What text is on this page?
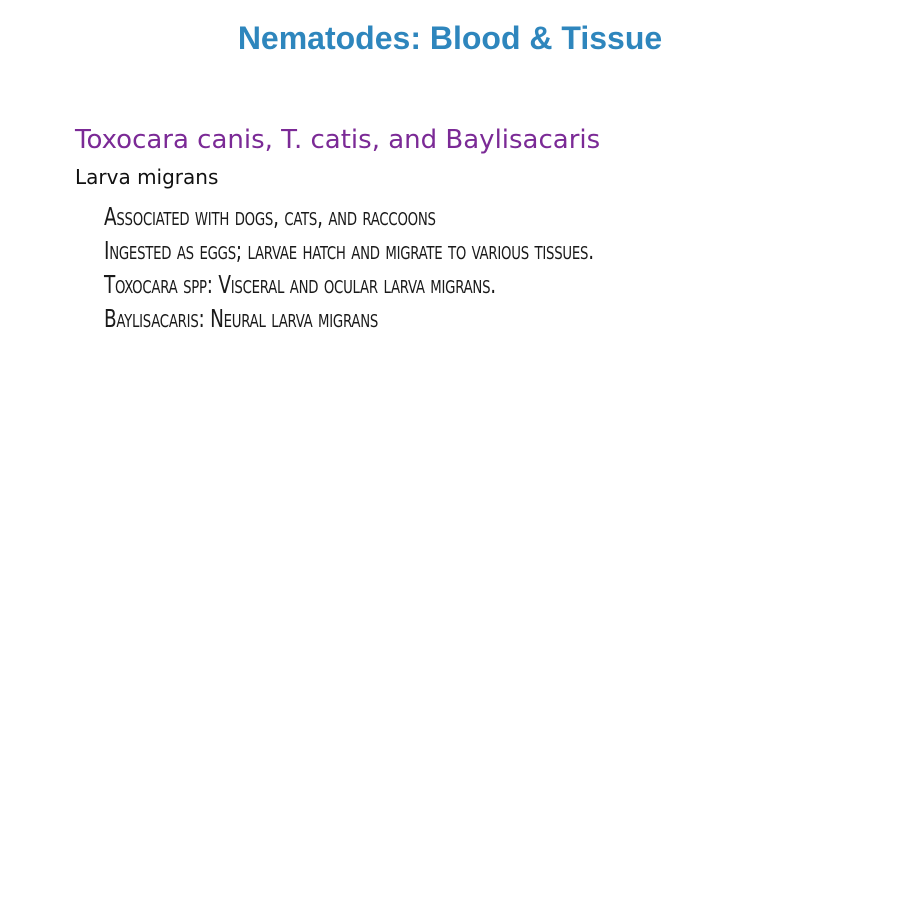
Nematodes: Blood & Tissue
Toxocara canis, T. catis, and Baylisacaris
Larva migrans
Associated with dogs, cats, and raccoons
Ingested as eggs; larvae hatch and migrate to various tissues.
Toxocara spp: Visceral and ocular larva migrans.
Baylisacaris: Neural larva migrans
